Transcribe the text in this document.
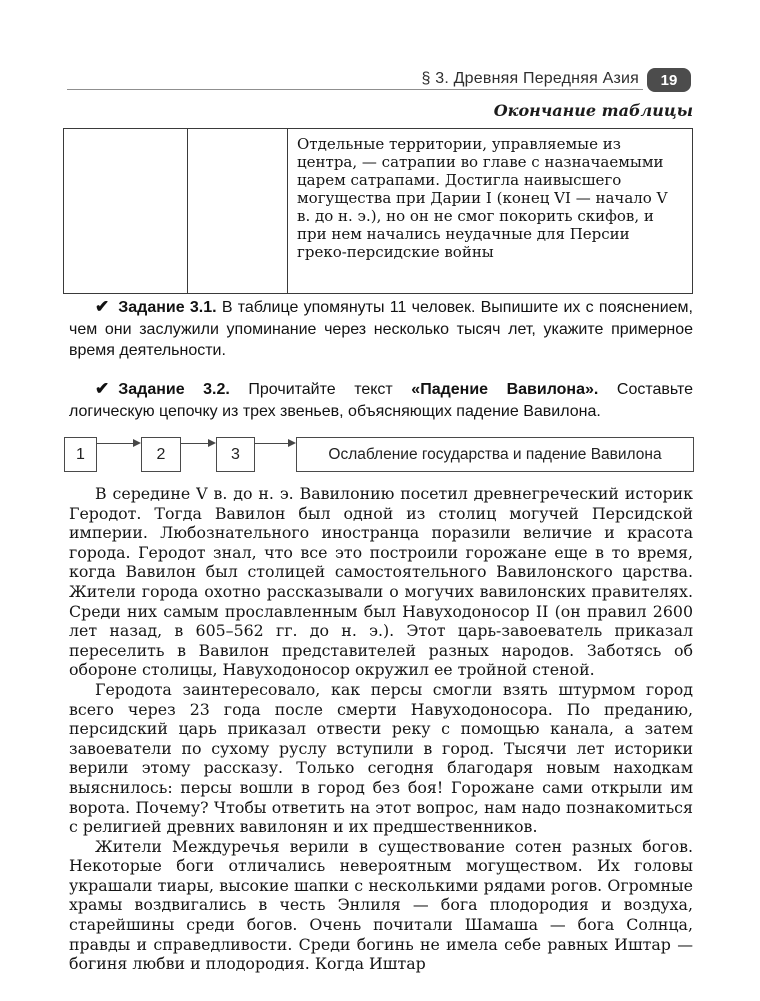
§ 3. Древняя Передняя Азия	19
Окончание таблицы
		Отдельные территории, управляемые из центра, — сатрапии во главе с назначаемыми царем сатрапами. Достигла наивысшего могущества при Дарии I (конец VI — начало V в. до н. э.), но он не смог покорить скифов, и при нем начались неудачные для Персии греко-персидские войны

✔ Задание 3.1. В таблице упомянуты 11 человек. Выпишите их с пояснением, чем они заслужили упоминание через несколько тысяч лет, укажите примерное время деятельности.

✔ Задание 3.2. Прочитайте текст «Падение Вавилона». Составьте логическую цепочку из трех звеньев, объясняющих падение Вавилона.

1	2	3	Ослабление государства и падение Вавилона

В середине V в. до н. э. Вавилонию посетил древнегреческий историк Геродот. Тогда Вавилон был одной из столиц могучей Персидской империи. Любознательного иностранца поразили величие и красота города. Геродот знал, что все это построили горожане еще в то время, когда Вавилон был столицей самостоятельного Вавилонского царства. Жители города охотно рассказывали о могучих вавилонских правителях. Среди них самым прославленным был Навуходоносор II (он правил 2600 лет назад, в 605–562 гг. до н. э.). Этот царь-завоеватель приказал переселить в Вавилон представителей разных народов. Заботясь об обороне столицы, Навуходоносор окружил ее тройной стеной.

Геродота заинтересовало, как персы смогли взять штурмом город всего через 23 года после смерти Навуходоносора. По преданию, персидский царь приказал отвести реку с помощью канала, а затем завоеватели по сухому руслу вступили в город. Тысячи лет историки верили этому рассказу. Только сегодня благодаря новым находкам выяснилось: персы вошли в город без боя! Горожане сами открыли им ворота. Почему? Чтобы ответить на этот вопрос, нам надо познакомиться с религией древних вавилонян и их предшественников.

Жители Междуречья верили в существование сотен разных богов. Некоторые боги отличались невероятным могуществом. Их головы украшали тиары, высокие шапки с несколькими рядами рогов. Огромные храмы воздвигались в честь Энлиля — бога плодородия и воздуха, старейшины среди богов. Очень почитали Шамаша — бога Солнца, правды и справедливости. Среди богинь не имела себе равных Иштар — богиня любви и плодородия. Когда Иштар
